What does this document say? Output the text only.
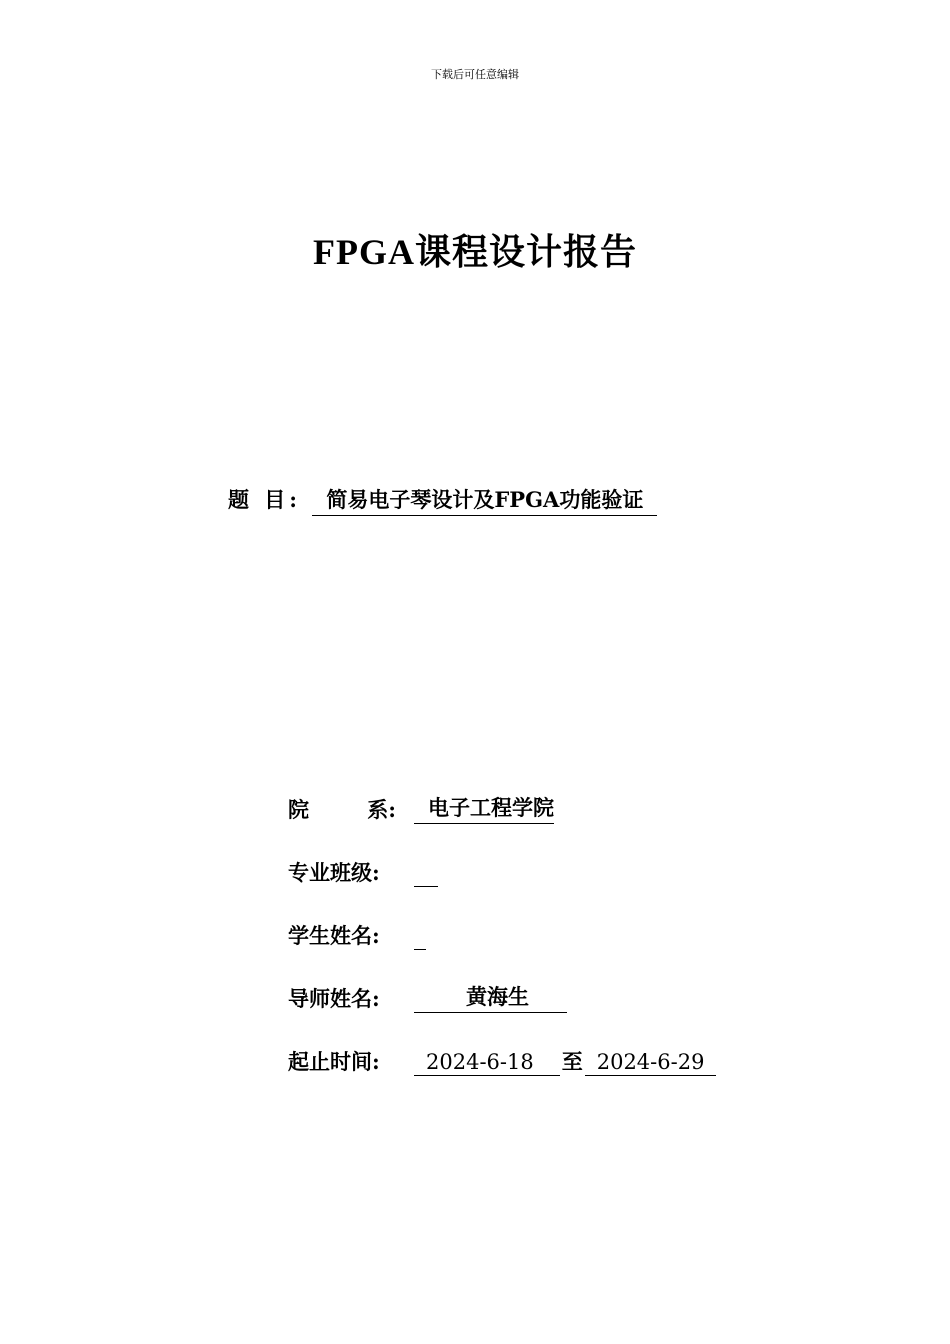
下载后可任意编辑
FPGA课程设计报告
题 目: 简易电子琴设计及FPGA功能验证
院	系:	电子工程学院
专业班级:
学生姓名:
导师姓名:	黄海生
起止时间:	2024-6-18	至 2024-6-29
